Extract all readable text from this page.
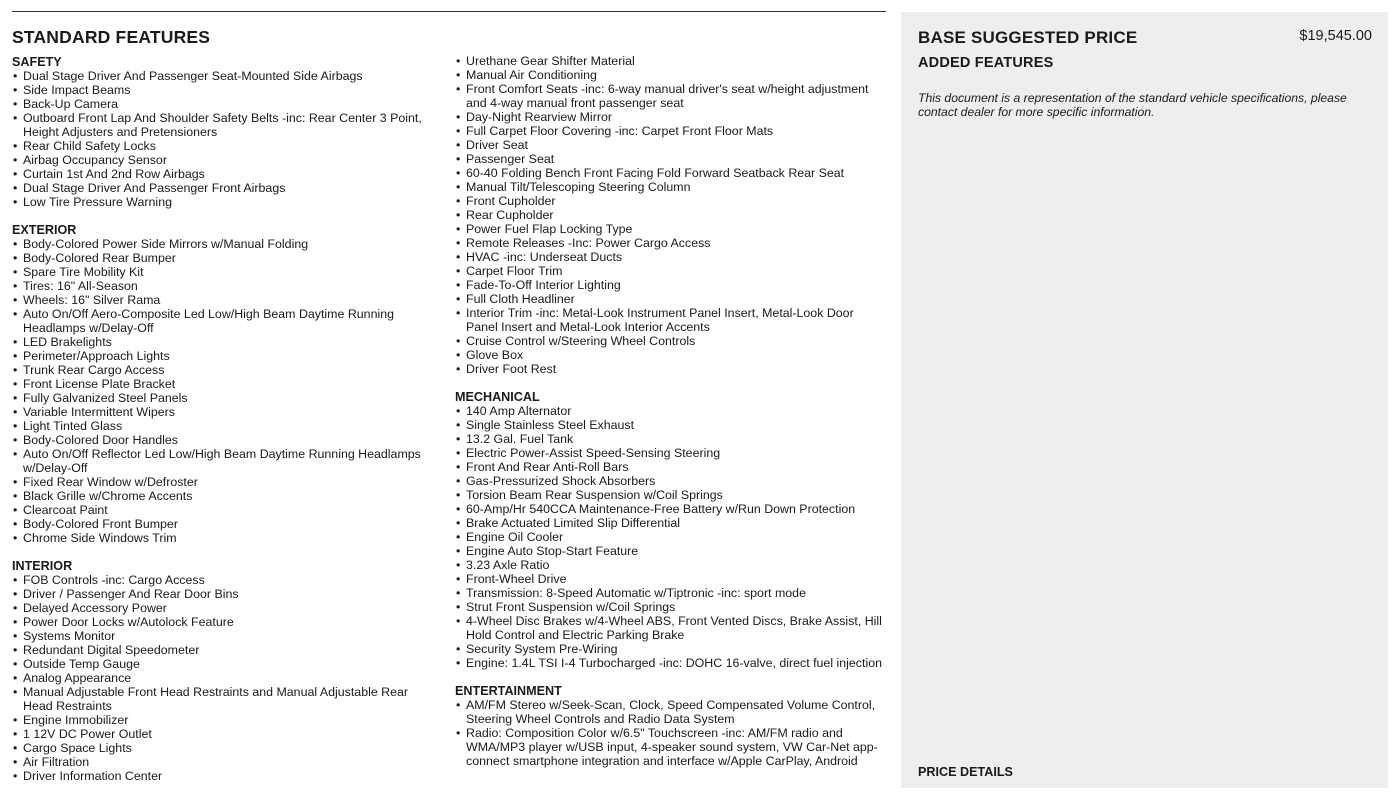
STANDARD FEATURES
SAFETY
• Dual Stage Driver And Passenger Seat-Mounted Side Airbags
• Side Impact Beams
• Back-Up Camera
• Outboard Front Lap And Shoulder Safety Belts -inc: Rear Center 3 Point, Height Adjusters and Pretensioners
• Rear Child Safety Locks
• Airbag Occupancy Sensor
• Curtain 1st And 2nd Row Airbags
• Dual Stage Driver And Passenger Front Airbags
• Low Tire Pressure Warning
EXTERIOR
• Body-Colored Power Side Mirrors w/Manual Folding
• Body-Colored Rear Bumper
• Spare Tire Mobility Kit
• Tires: 16" All-Season
• Wheels: 16" Silver Rama
• Auto On/Off Aero-Composite Led Low/High Beam Daytime Running Headlamps w/Delay-Off
• LED Brakelights
• Perimeter/Approach Lights
• Trunk Rear Cargo Access
• Front License Plate Bracket
• Fully Galvanized Steel Panels
• Variable Intermittent Wipers
• Light Tinted Glass
• Body-Colored Door Handles
• Auto On/Off Reflector Led Low/High Beam Daytime Running Headlamps w/Delay-Off
• Fixed Rear Window w/Defroster
• Black Grille w/Chrome Accents
• Clearcoat Paint
• Body-Colored Front Bumper
• Chrome Side Windows Trim
INTERIOR
• FOB Controls -inc: Cargo Access
• Driver / Passenger And Rear Door Bins
• Delayed Accessory Power
• Power Door Locks w/Autolock Feature
• Systems Monitor
• Redundant Digital Speedometer
• Outside Temp Gauge
• Analog Appearance
• Manual Adjustable Front Head Restraints and Manual Adjustable Rear Head Restraints
• Engine Immobilizer
• 1 12V DC Power Outlet
• Cargo Space Lights
• Air Filtration
• Driver Information Center
• Urethane Gear Shifter Material
• Manual Air Conditioning
• Front Comfort Seats -inc: 6-way manual driver's seat w/height adjustment and 4-way manual front passenger seat
• Day-Night Rearview Mirror
• Full Carpet Floor Covering -inc: Carpet Front Floor Mats
• Driver Seat
• Passenger Seat
• 60-40 Folding Bench Front Facing Fold Forward Seatback Rear Seat
• Manual Tilt/Telescoping Steering Column
• Front Cupholder
• Rear Cupholder
• Power Fuel Flap Locking Type
• Remote Releases -Inc: Power Cargo Access
• HVAC -inc: Underseat Ducts
• Carpet Floor Trim
• Fade-To-Off Interior Lighting
• Full Cloth Headliner
• Interior Trim -inc: Metal-Look Instrument Panel Insert, Metal-Look Door Panel Insert and Metal-Look Interior Accents
• Cruise Control w/Steering Wheel Controls
• Glove Box
• Driver Foot Rest
MECHANICAL
• 140 Amp Alternator
• Single Stainless Steel Exhaust
• 13.2 Gal. Fuel Tank
• Electric Power-Assist Speed-Sensing Steering
• Front And Rear Anti-Roll Bars
• Gas-Pressurized Shock Absorbers
• Torsion Beam Rear Suspension w/Coil Springs
• 60-Amp/Hr 540CCA Maintenance-Free Battery w/Run Down Protection
• Brake Actuated Limited Slip Differential
• Engine Oil Cooler
• Engine Auto Stop-Start Feature
• 3.23 Axle Ratio
• Front-Wheel Drive
• Transmission: 8-Speed Automatic w/Tiptronic -inc: sport mode
• Strut Front Suspension w/Coil Springs
• 4-Wheel Disc Brakes w/4-Wheel ABS, Front Vented Discs, Brake Assist, Hill Hold Control and Electric Parking Brake
• Security System Pre-Wiring
• Engine: 1.4L TSI I-4 Turbocharged -inc: DOHC 16-valve, direct fuel injection
ENTERTAINMENT
• AM/FM Stereo w/Seek-Scan, Clock, Speed Compensated Volume Control, Steering Wheel Controls and Radio Data System
• Radio: Composition Color w/6.5" Touchscreen -inc: AM/FM radio and WMA/MP3 player w/USB input, 4-speaker sound system, VW Car-Net app-connect smartphone integration and interface w/Apple CarPlay, Android
BASE SUGGESTED PRICE	$19,545.00
ADDED FEATURES
This document is a representation of the standard vehicle specifications, please contact dealer for more specific information.
PRICE DETAILS
